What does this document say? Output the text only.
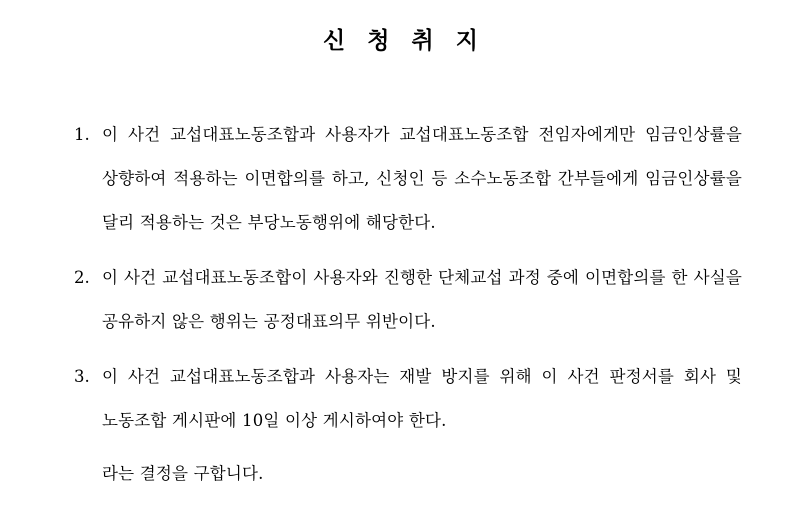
신 청 취 지
1. 이 사건 교섭대표노동조합과 사용자가 교섭대표노동조합 전임자에게만 임금인상률을 상향하여 적용하는 이면합의를 하고, 신청인 등 소수노동조합 간부들에게 임금인상률을 달리 적용하는 것은 부당노동행위에 해당한다.
2. 이 사건 교섭대표노동조합이 사용자와 진행한 단체교섭 과정 중에 이면합의를 한 사실을 공유하지 않은 행위는 공정대표의무 위반이다.
3. 이 사건 교섭대표노동조합과 사용자는 재발 방지를 위해 이 사건 판정서를 회사 및 노동조합 게시판에 10일 이상 게시하여야 한다.
라는 결정을 구합니다.
